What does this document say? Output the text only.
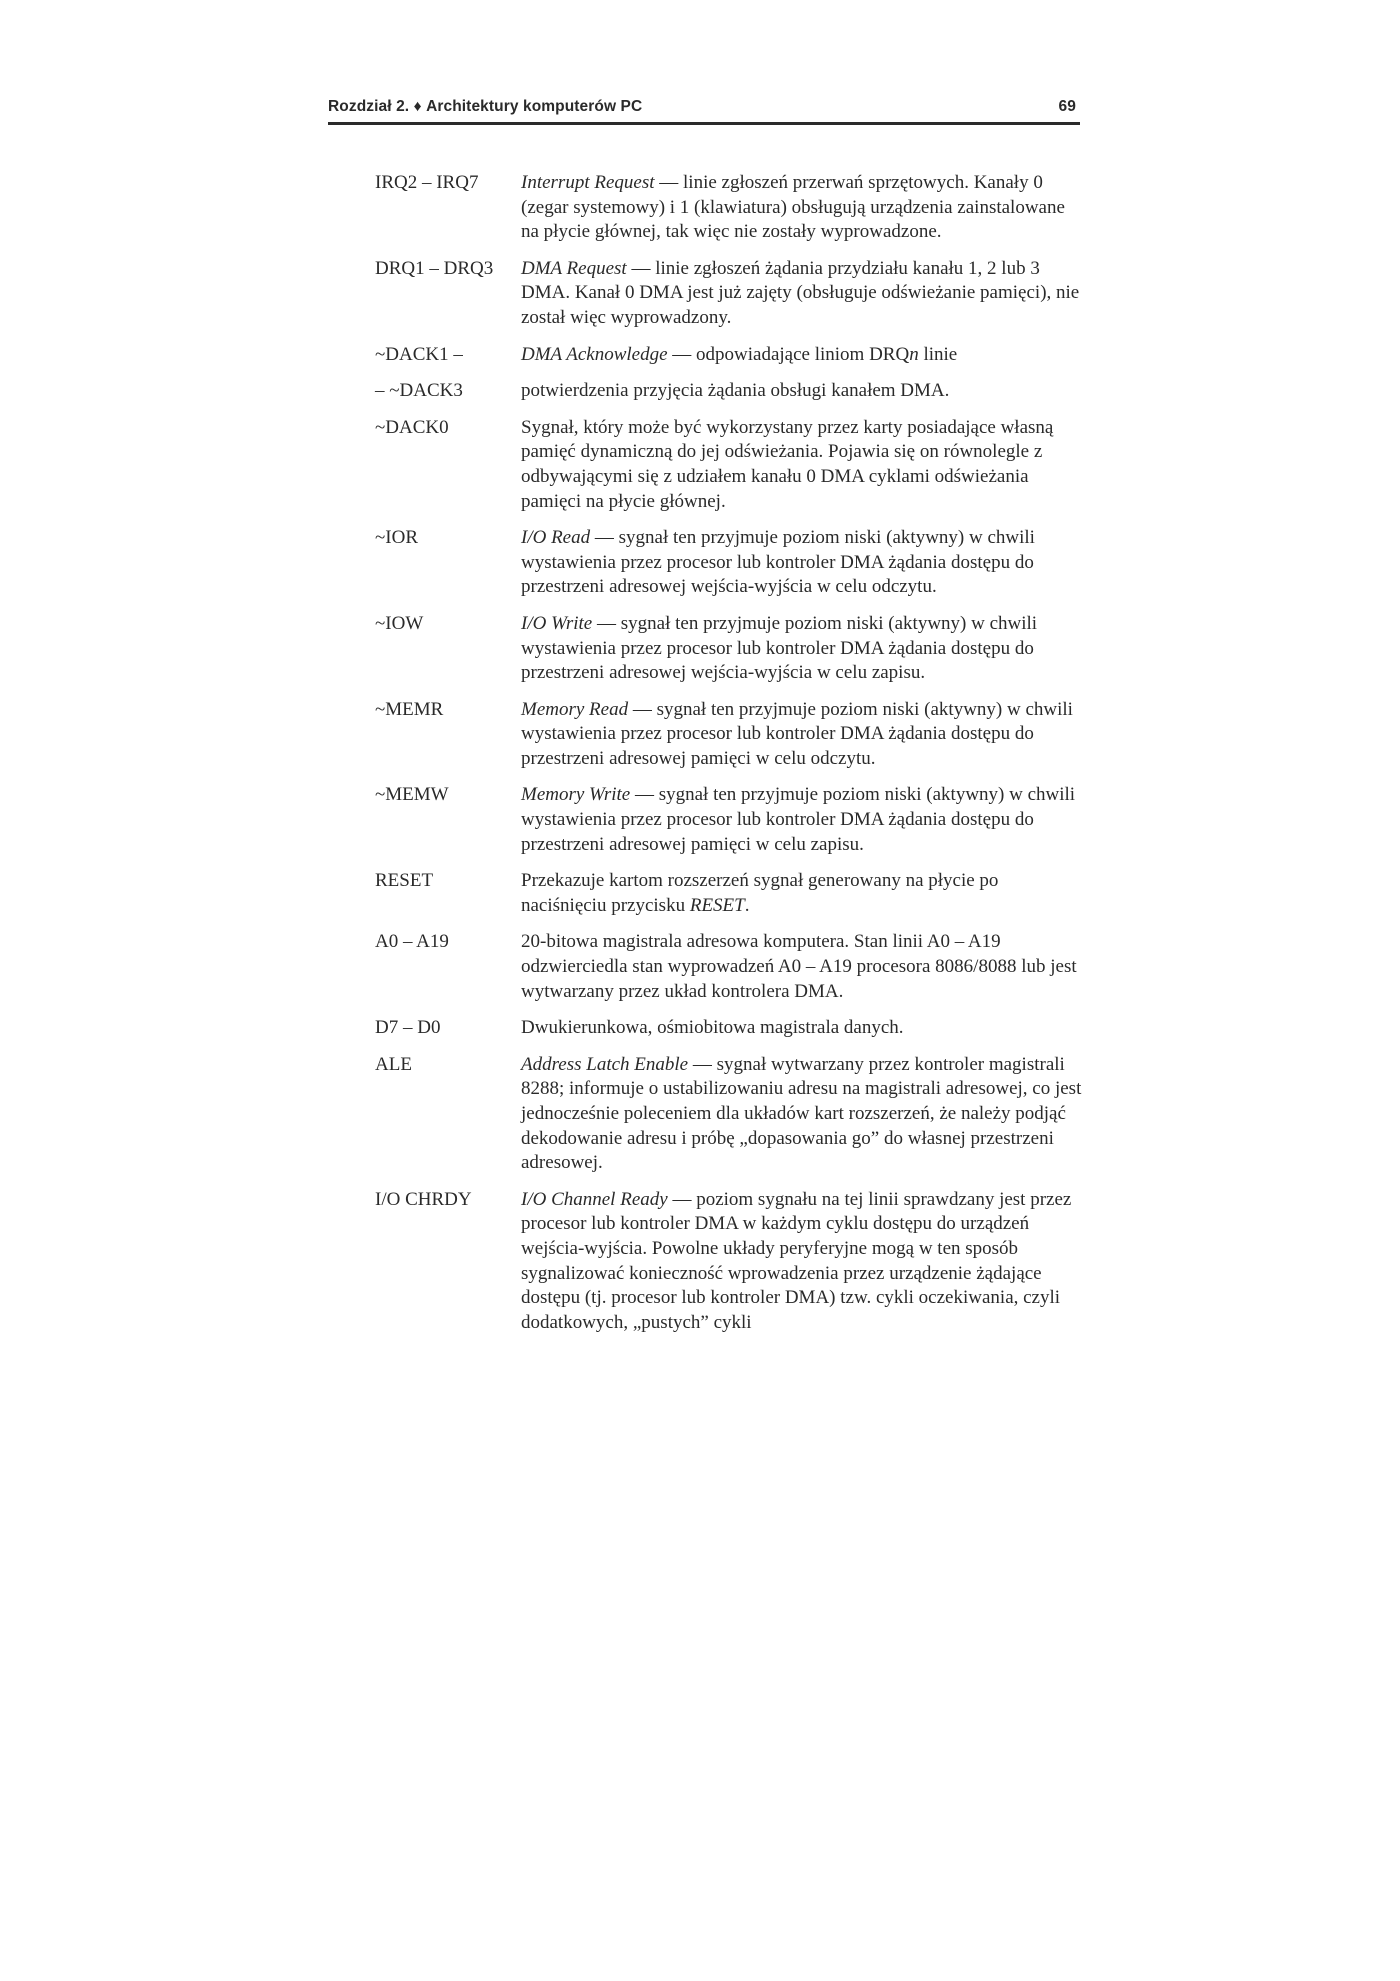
Rozdział 2. ♦ Architektury komputerów PC	69
IRQ2 – IRQ7	Interrupt Request — linie zgłoszeń przerwań sprzętowych. Kanały 0 (zegar systemowy) i 1 (klawiatura) obsługują urządzenia zainstalowane na płycie głównej, tak więc nie zostały wyprowadzone.
DRQ1 – DRQ3	DMA Request — linie zgłoszeń żądania przydziału kanału 1, 2 lub 3 DMA. Kanał 0 DMA jest już zajęty (obsługuje odświeżanie pamięci), nie został więc wyprowadzony.
~DACK1 –	DMA Acknowledge — odpowiadające liniom DRQn linie
– ~DACK3	potwierdzenia przyjęcia żądania obsługi kanałem DMA.
~DACK0	Sygnał, który może być wykorzystany przez karty posiadające własną pamięć dynamiczną do jej odświeżania. Pojawia się on równolegle z odbywającymi się z udziałem kanału 0 DMA cyklami odświeżania pamięci na płycie głównej.
~IOR	I/O Read — sygnał ten przyjmuje poziom niski (aktywny) w chwili wystawienia przez procesor lub kontroler DMA żądania dostępu do przestrzeni adresowej wejścia-wyjścia w celu odczytu.
~IOW	I/O Write — sygnał ten przyjmuje poziom niski (aktywny) w chwili wystawienia przez procesor lub kontroler DMA żądania dostępu do przestrzeni adresowej wejścia-wyjścia w celu zapisu.
~MEMR	Memory Read — sygnał ten przyjmuje poziom niski (aktywny) w chwili wystawienia przez procesor lub kontroler DMA żądania dostępu do przestrzeni adresowej pamięci w celu odczytu.
~MEMW	Memory Write — sygnał ten przyjmuje poziom niski (aktywny) w chwili wystawienia przez procesor lub kontroler DMA żądania dostępu do przestrzeni adresowej pamięci w celu zapisu.
RESET	Przekazuje kartom rozszerzeń sygnał generowany na płycie po naciśnięciu przycisku RESET.
A0 – A19	20-bitowa magistrala adresowa komputera. Stan linii A0 – A19 odzwierciedla stan wyprowadzeń A0 – A19 procesora 8086/8088 lub jest wytwarzany przez układ kontrolera DMA.
D7 – D0	Dwukierunkowa, ośmiobitowa magistrala danych.
ALE	Address Latch Enable — sygnał wytwarzany przez kontroler magistrali 8288; informuje o ustabilizowaniu adresu na magistrali adresowej, co jest jednocześnie poleceniem dla układów kart rozszerzeń, że należy podjąć dekodowanie adresu i próbę „dopasowania go” do własnej przestrzeni adresowej.
I/O CHRDY	I/O Channel Ready — poziom sygnału na tej linii sprawdzany jest przez procesor lub kontroler DMA w każdym cyklu dostępu do urządzeń wejścia-wyjścia. Powolne układy peryferyjne mogą w ten sposób sygnalizować konieczność wprowadzenia przez urządzenie żądające dostępu (tj. procesor lub kontroler DMA) tzw. cykli oczekiwania, czyli dodatkowych, „pustych” cykli
